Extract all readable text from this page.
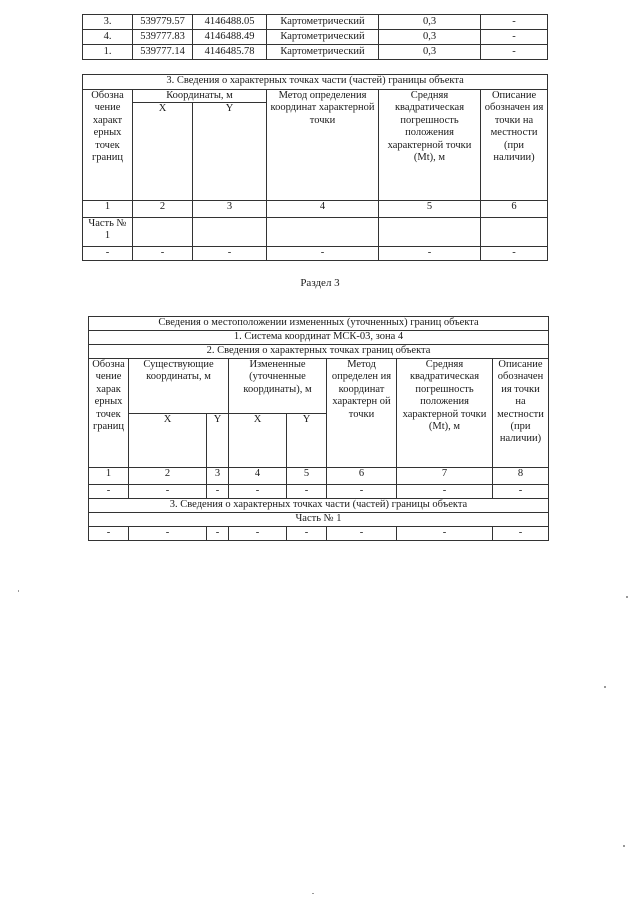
3.	539779.57	4146488.05	Картометрический	0,3	-
4.	539777.83	4146488.49	Картометрический	0,3	-
1.	539777.14	4146485.78	Картометрический	0,3	-
3. Сведения о характерных точках части (частей) границы объекта					
Обозна чение характ ерных точек границ	Координаты, м		Метод определения координат характерной точки	Средняя квадратическая погрешность положения характерной точки (Mt), м	Описание обозначен ия точки на местности (при наличии)
	X	Y			
1	2	3	4	5	6
Часть № 1					
-	-	-	-	-	-
Раздел 3
Сведения о местоположении измененных (уточненных) границ объекта							
1. Система координат МСК-03, зона 4							
2. Сведения о характерных точках границ объекта							
Обозна чение харак ерных точек границ	Существующие координаты, м		Измененные (уточненные координаты), м		Метод определен ия координат характерн ой точки	Средняя квадратическая погрешность положения характерной точки (Mt), м	Описание обозначен ия точки на местности (при наличии)
	X	Y	X	Y			
1	2	3	4	5	6	7	8
-	-	-	-	-	-	-	-
3. Сведения о характерных точках части (частей) границы объекта							
Часть № 1							
-	-	-	-	-	-	-	-
